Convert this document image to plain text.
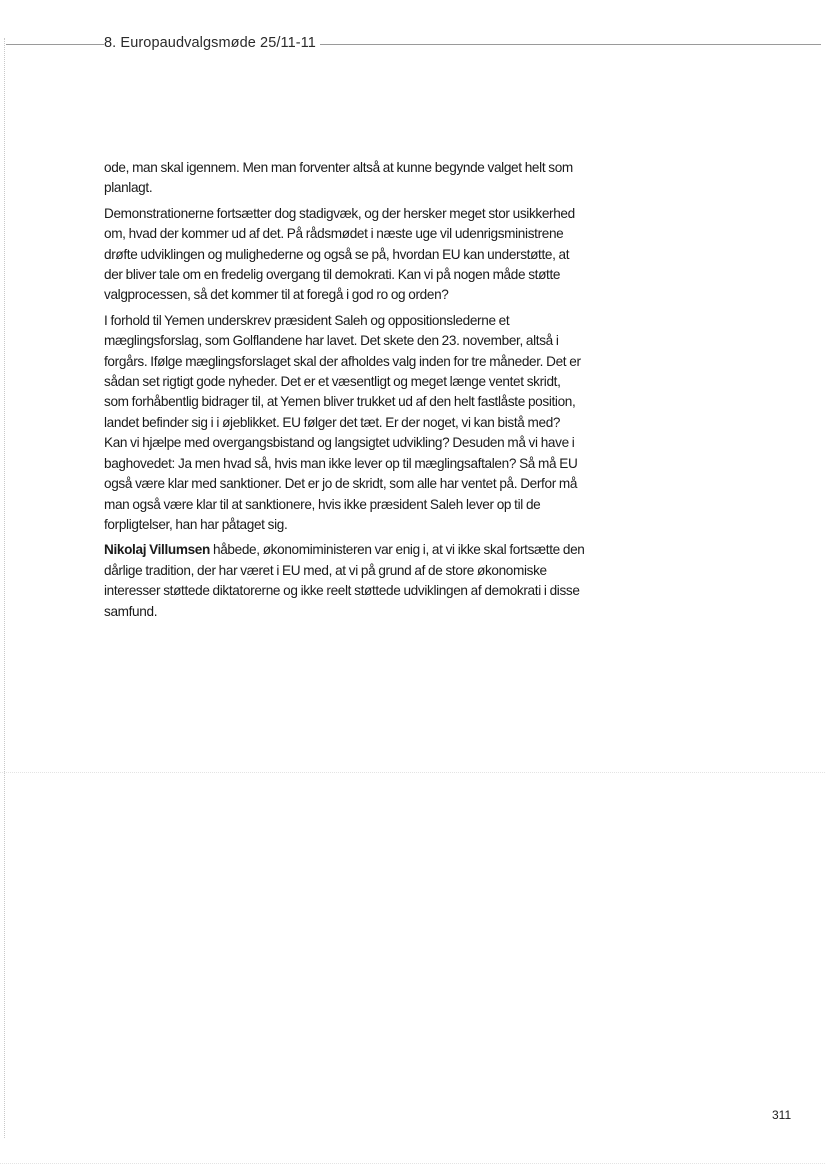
8. Europaudvalgsmøde 25/11-11

ode, man skal igennem. Men man forventer altså at kunne begynde valget helt som planlagt.

Demonstrationerne fortsætter dog stadigvæk, og der hersker meget stor usikkerhed om, hvad der kommer ud af det. På rådsmødet i næste uge vil udenrigsministrene drøfte udviklingen og mulighederne og også se på, hvordan EU kan understøtte, at der bliver tale om en fredelig overgang til demokrati. Kan vi på nogen måde støtte valgprocessen, så det kommer til at foregå i god ro og orden?

I forhold til Yemen underskrev præsident Saleh og oppositionslederne et mæglingsforslag, som Golflandene har lavet. Det skete den 23. november, altså i forgårs. Ifølge mæglingsforslaget skal der afholdes valg inden for tre måneder. Det er sådan set rigtigt gode nyheder. Det er et væsentligt og meget længe ventet skridt, som forhåbentlig bidrager til, at Yemen bliver trukket ud af den helt fastlåste position, landet befinder sig i i øjeblikket. EU følger det tæt. Er der noget, vi kan bistå med? Kan vi hjælpe med overgangsbistand og langsigtet udvikling? Desuden må vi have i baghovedet: Ja men hvad så, hvis man ikke lever op til mæglingsaftalen? Så må EU også være klar med sanktioner. Det er jo de skridt, som alle har ventet på. Derfor må man også være klar til at sanktionere, hvis ikke præsident Saleh lever op til de forpligtelser, han har påtaget sig.

Nikolaj Villumsen håbede, økonomiministeren var enig i, at vi ikke skal fortsætte den dårlige tradition, der har været i EU med, at vi på grund af de store økonomiske interesser støttede diktatorerne og ikke reelt støttede udviklingen af demokrati i disse samfund.

311
